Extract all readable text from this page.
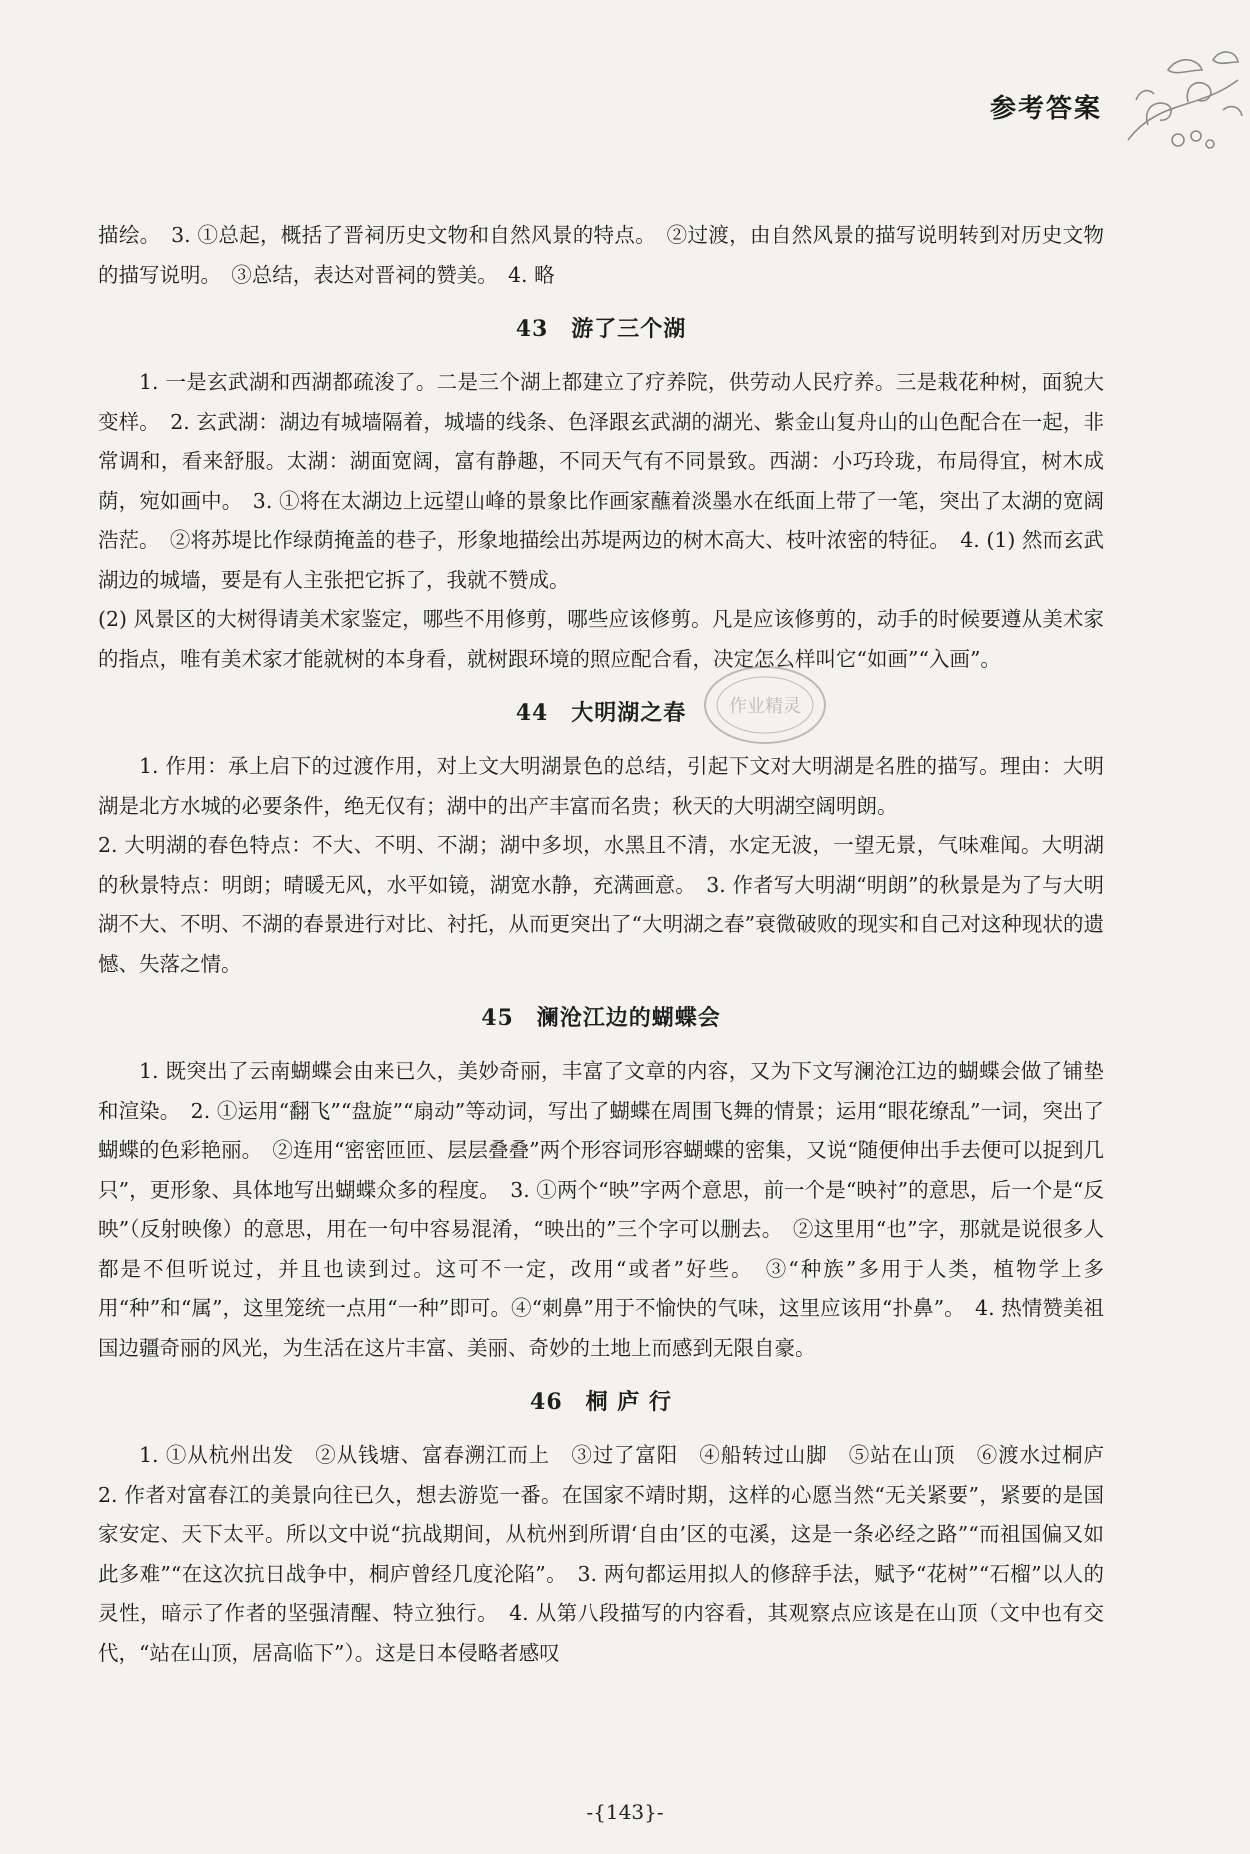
参考答案

描绘。　3. ①总起，概括了晋祠历史文物和自然风景的特点。　②过渡，由自然风景的描写说明转到对历史文物的描写说明。　③总结，表达对晋祠的赞美。　4. 略

43　游了三个湖

1. 一是玄武湖和西湖都疏浚了。二是三个湖上都建立了疗养院，供劳动人民疗养。三是栽花种树，面貌大变样。　2. 玄武湖：湖边有城墙隔着，城墙的线条、色泽跟玄武湖的湖光、紫金山复舟山的山色配合在一起，非常调和，看来舒服。太湖：湖面宽阔，富有静趣，不同天气有不同景致。西湖：小巧玲珑，布局得宜，树木成荫，宛如画中。　3. ①将在太湖边上远望山峰的景象比作画家蘸着淡墨水在纸面上带了一笔，突出了太湖的宽阔浩茫。　②将苏堤比作绿荫掩盖的巷子，形象地描绘出苏堤两边的树木高大、枝叶浓密的特征。　4. (1) 然而玄武湖边的城墙，要是有人主张把它拆了，我就不赞成。

(2) 风景区的大树得请美术家鉴定，哪些不用修剪，哪些应该修剪。凡是应该修剪的，动手的时候要遵从美术家的指点，唯有美术家才能就树的本身看，就树跟环境的照应配合看，决定怎么样叫它“如画”“入画”。

44　大明湖之春

1. 作用：承上启下的过渡作用，对上文大明湖景色的总结，引起下文对大明湖是名胜的描写。理由：大明湖是北方水城的必要条件，绝无仅有；湖中的出产丰富而名贵；秋天的大明湖空阔明朗。

2. 大明湖的春色特点：不大、不明、不湖；湖中多坝，水黑且不清，水定无波，一望无景，气味难闻。大明湖的秋景特点：明朗；晴暖无风，水平如镜，湖宽水静，充满画意。　3. 作者写大明湖“明朗”的秋景是为了与大明湖不大、不明、不湖的春景进行对比、衬托，从而更突出了“大明湖之春”衰微破败的现实和自己对这种现状的遗憾、失落之情。

45　澜沧江边的蝴蝶会

1. 既突出了云南蝴蝶会由来已久，美妙奇丽，丰富了文章的内容，又为下文写澜沧江边的蝴蝶会做了铺垫和渲染。　2. ①运用“翻飞”“盘旋”“扇动”等动词，写出了蝴蝶在周围飞舞的情景；运用“眼花缭乱”一词，突出了蝴蝶的色彩艳丽。　②连用“密密匝匝、层层叠叠”两个形容词形容蝴蝶的密集，又说“随便伸出手去便可以捉到几只”，更形象、具体地写出蝴蝶众多的程度。　3. ①两个“映”字两个意思，前一个是“映衬”的意思，后一个是“反映”（反射映像）的意思，用在一句中容易混淆，“映出的”三个字可以删去。　②这里用“也”字，那就是说很多人都是不但听说过，并且也读到过。这可不一定，改用“或者”好些。　③“种族”多用于人类，植物学上多用“种”和“属”，这里笼统一点用“一种”即可。④“刺鼻”用于不愉快的气味，这里应该用“扑鼻”。　4. 热情赞美祖国边疆奇丽的风光，为生活在这片丰富、美丽、奇妙的土地上而感到无限自豪。

46　桐 庐 行

1. ①从杭州出发　②从钱塘、富春溯江而上　③过了富阳　④船转过山脚　⑤站在山顶　⑥渡水过桐庐　2. 作者对富春江的美景向往已久，想去游览一番。在国家不靖时期，这样的心愿当然“无关紧要”，紧要的是国家安定、天下太平。所以文中说“抗战期间，从杭州到所谓‘自由’区的屯溪，这是一条必经之路”“而祖国偏又如此多难”“在这次抗日战争中，桐庐曾经几度沦陷”。　3. 两句都运用拟人的修辞手法，赋予“花树”“石榴”以人的灵性，暗示了作者的坚强清醒、特立独行。　4. 从第八段描写的内容看，其观察点应该是在山顶（文中也有交代，“站在山顶，居高临下”）。这是日本侵略者感叹

作业精灵
-{143}-
